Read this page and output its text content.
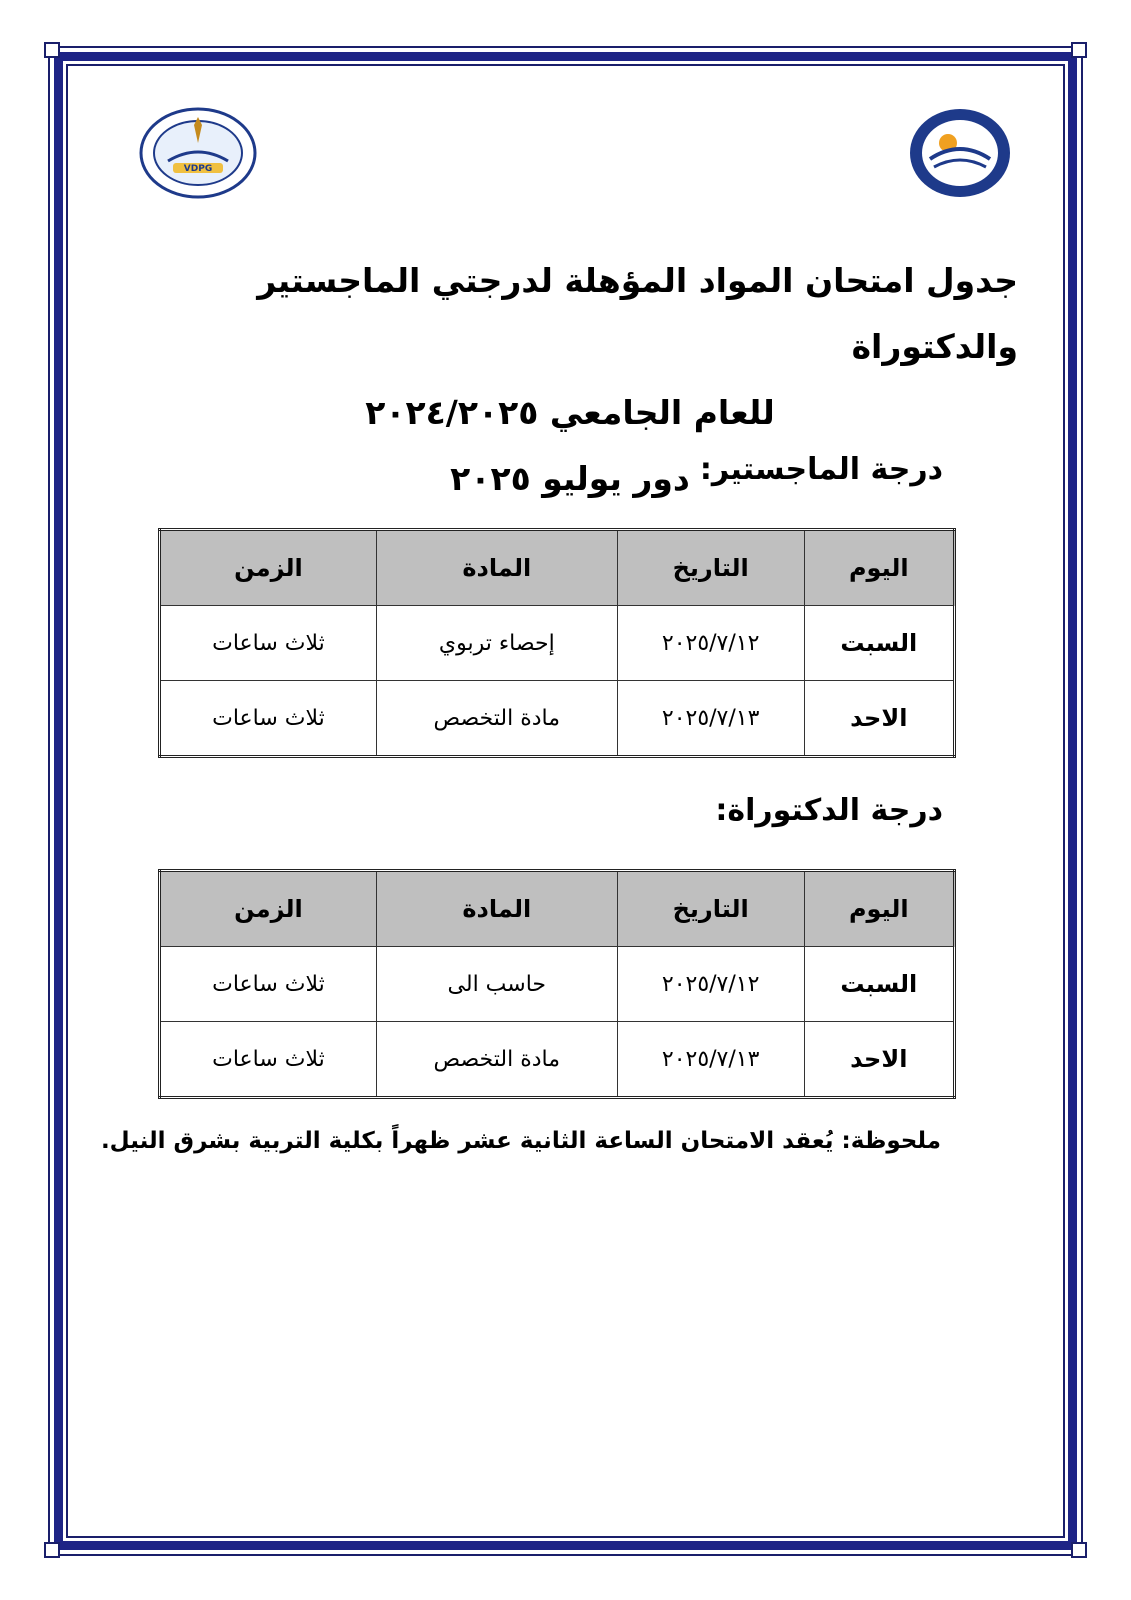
VDPG
جدول امتحان المواد المؤهلة لدرجتي الماجستير والدكتوراة
للعام الجامعي ٢٠٢٤/٢٠٢٥
دور يوليو ٢٠٢٥ درجة الماجستير:
اليوم	التاريخ	المادة	الزمن
السبت	٢٠٢٥/٧/١٢	إحصاء تربوي	ثلاث ساعات
الاحد	٢٠٢٥/٧/١٣	مادة التخصص	ثلاث ساعات
درجة الدكتوراة:
اليوم	التاريخ	المادة	الزمن
السبت	٢٠٢٥/٧/١٢	حاسب الى	ثلاث ساعات
الاحد	٢٠٢٥/٧/١٣	مادة التخصص	ثلاث ساعات
ملحوظة: يُعقد الامتحان الساعة الثانية عشر ظهراً بكلية التربية بشرق النيل.
